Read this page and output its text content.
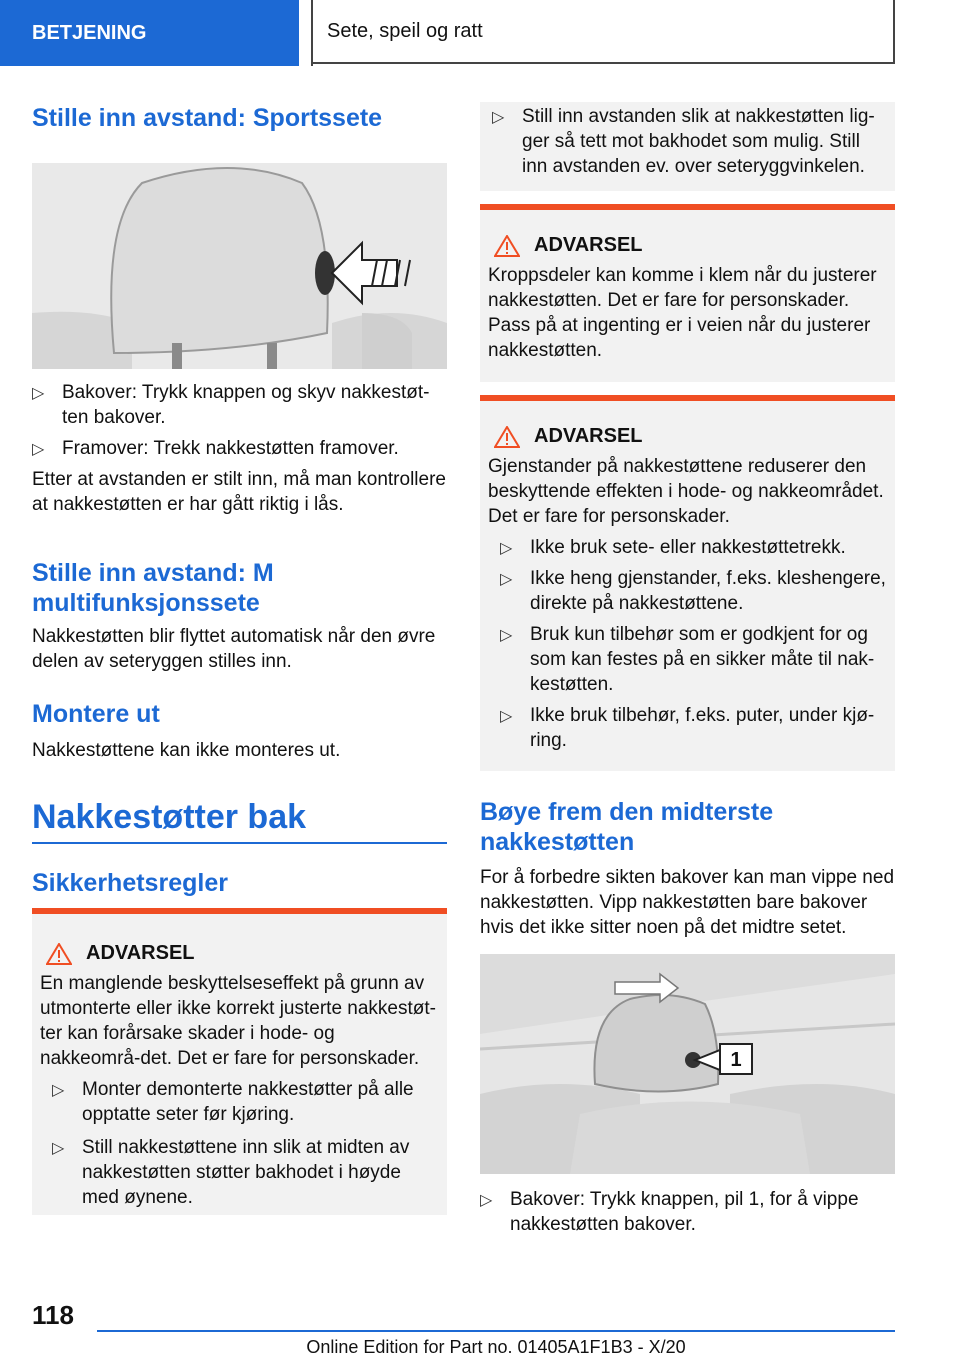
BETJENING	Sete, speil og ratt
Stille inn avstand: Sportssete
▷ Bakover: Trykk knappen og skyv nakkestøt-ten bakover.
▷ Framover: Trekk nakkestøtten framover.

Etter at avstanden er stilt inn, må man kontrollere at nakkestøtten er har gått riktig i lås.

Stille inn avstand: M multifunksjonssete

Nakkestøtten blir flyttet automatisk når den øvre delen av seteryggen stilles inn.

Montere ut

Nakkestøttene kan ikke monteres ut.

Nakkestøtter bak
Sikkerhetsregler
ADVARSEL

En manglende beskyttelseseffekt på grunn av utmonterte eller ikke korrekt justerte nakkestøt-ter kan forårsake skader i hode- og nakkeområ-det. Det er fare for personskader.

▷ Monter demonterte nakkestøtter på alle opptatte seter før kjøring.
▷ Still nakkestøttene inn slik at midten av nakkestøtten støtter bakhodet i høyde med øynene.
▷ Still inn avstanden slik at nakkestøtten lig-ger så tett mot bakhodet som mulig. Still inn avstanden ev. over seteryggvinkelen.
ADVARSEL

Kroppsdeler kan komme i klem når du justerer nakkestøtten. Det er fare for personskader. Pass på at ingenting er i veien når du justerer nakkestøtten.

ADVARSEL

Gjenstander på nakkestøttene reduserer den beskyttende effekten i hode- og nakkeområdet. Det er fare for personskader.

▷ Ikke bruk sete- eller nakkestøttetrekk.
▷ Ikke heng gjenstander, f.eks. kleshengere, direkte på nakkestøttene.
▷ Bruk kun tilbehør som er godkjent for og som kan festes på en sikker måte til nak-kestøtten.
▷ Ikke bruk tilbehør, f.eks. puter, under kjø-ring.
Bøye frem den midterste nakkestøtten

For å forbedre sikten bakover kan man vippe ned nakkestøtten. Vipp nakkestøtten bare bakover hvis det ikke sitter noen på det midtre setet.

1
▷ Bakover: Trykk knappen, pil 1, for å vippe nakkestøtten bakover.
118
Online Edition for Part no. 01405A1F1B3 - X/20
